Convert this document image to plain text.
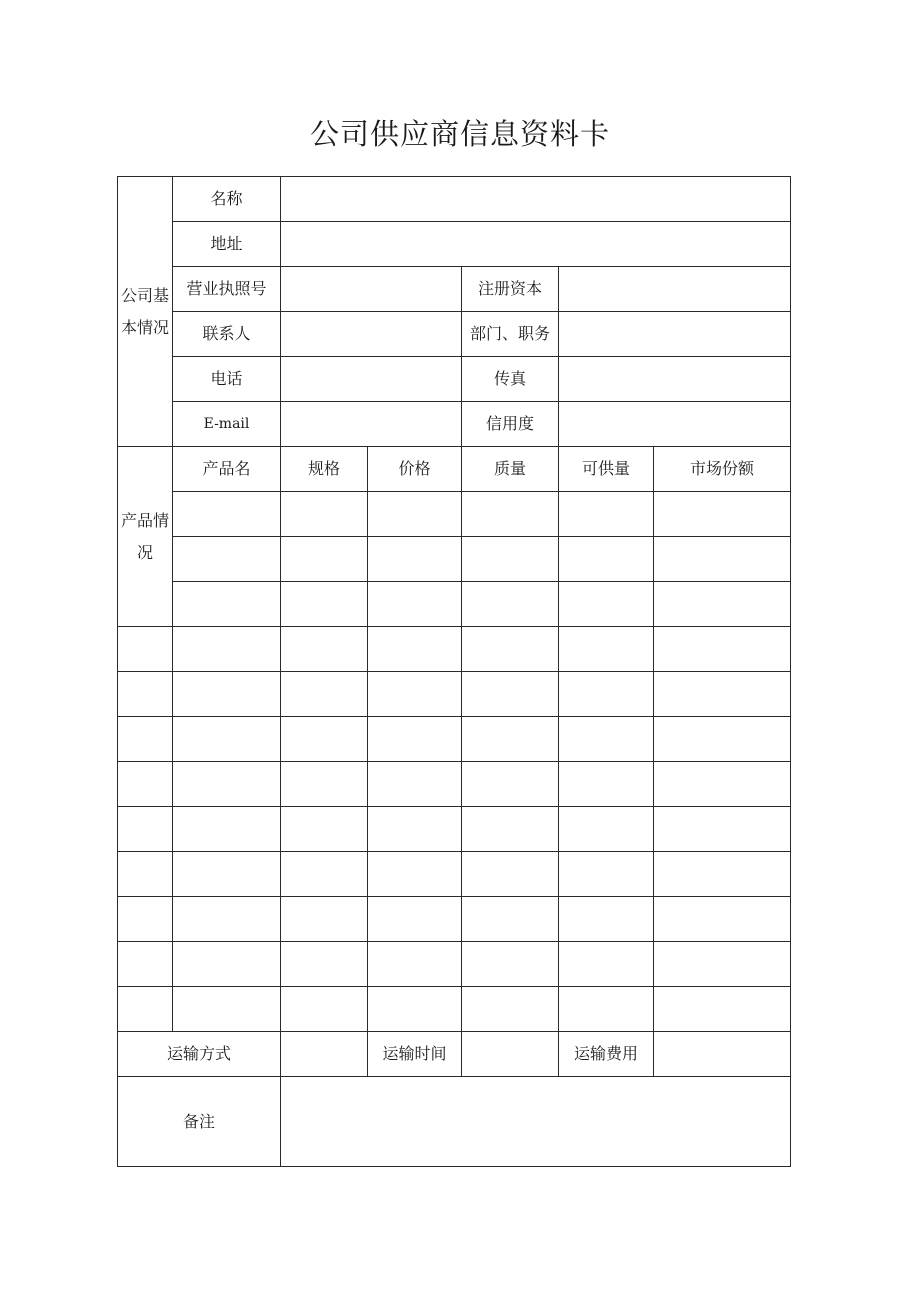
公司供应商信息资料卡
公司基本情况	名称					
	地址					
	营业执照号			注册资本		
	联系人			部门、职务		
	电话			传真		
	E-mail			信用度		
产品情况	产品名	规格	价格	质量	可供量	市场份额

运输方式			运输时间		运输费用	
备注						
